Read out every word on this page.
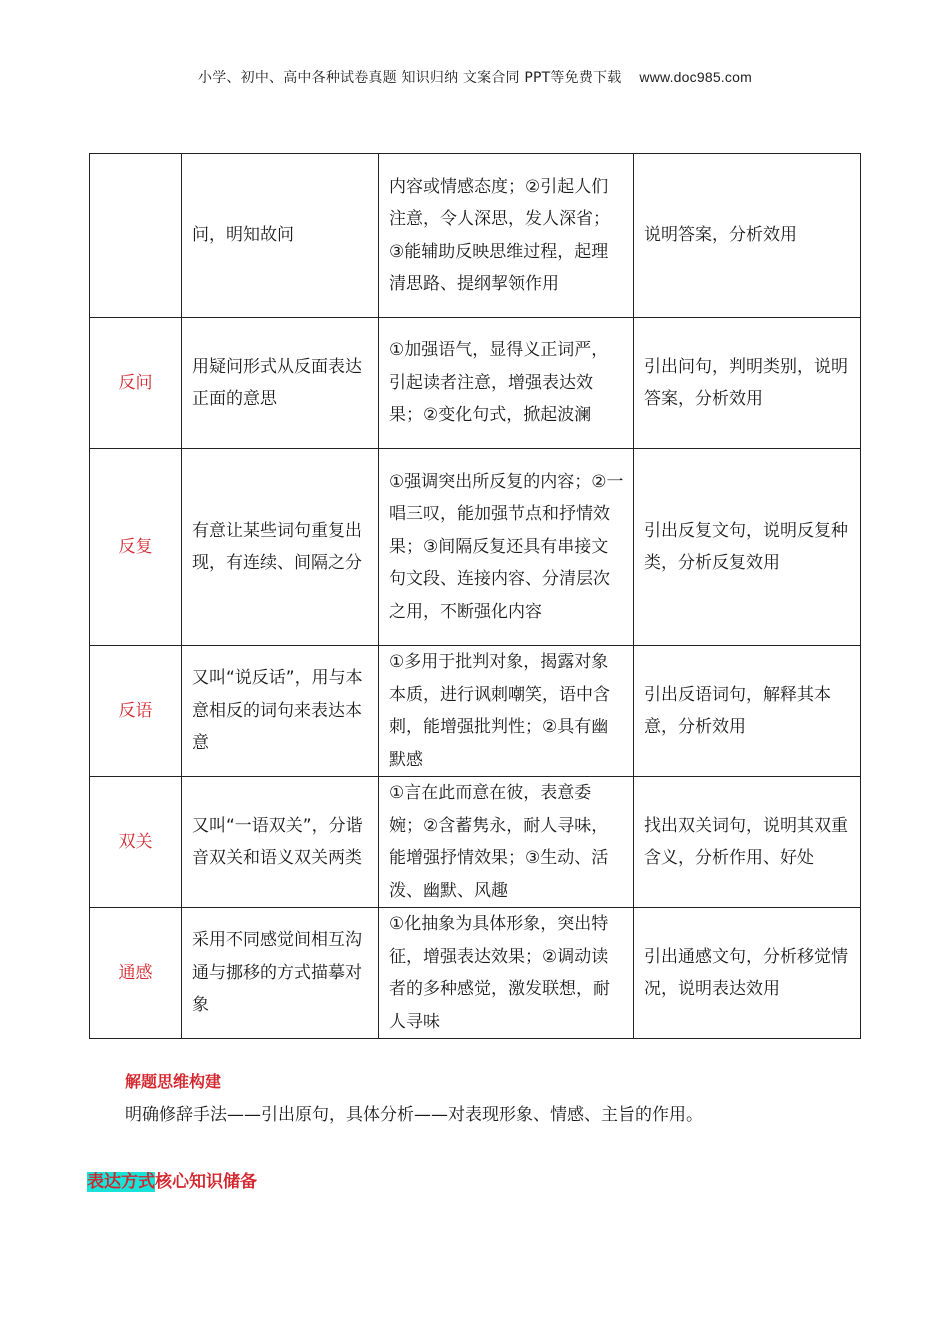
小学、初中、高中各种试卷真题 知识归纳 文案合同 PPT等免费下载 www.doc985.com
	问，明知故问	内容或情感态度；②引起人们注意，令人深思，发人深省；③能辅助反映思维过程，起理清思路、提纲挈领作用	说明答案，分析效用
反问	用疑问形式从反面表达正面的意思	①加强语气，显得义正词严，引起读者注意，增强表达效果；②变化句式，掀起波澜	引出问句，判明类别，说明答案，分析效用
反复	有意让某些词句重复出现，有连续、间隔之分	①强调突出所反复的内容；②一唱三叹，能加强节点和抒情效果；③间隔反复还具有串接文句文段、连接内容、分清层次之用，不断强化内容	引出反复文句，说明反复种类，分析反复效用
反语	又叫“说反话”，用与本意相反的词句来表达本意	①多用于批判对象，揭露对象本质，进行讽刺嘲笑，语中含刺，能增强批判性；②具有幽默感	引出反语词句，解释其本意，分析效用
双关	又叫“一语双关”，分谐音双关和语义双关两类	①言在此而意在彼，表意委婉；②含蓄隽永，耐人寻味，能增强抒情效果；③生动、活泼、幽默、风趣	找出双关词句，说明其双重含义，分析作用、好处
通感	采用不同感觉间相互沟通与挪移的方式描摹对象	①化抽象为具体形象，突出特征，增强表达效果；②调动读者的多种感觉，激发联想，耐人寻味	引出通感文句，分析移觉情况，说明表达效用
解题思维构建
明确修辞手法——引出原句，具体分析——对表现形象、情感、主旨的作用。
表达方式核心知识储备
